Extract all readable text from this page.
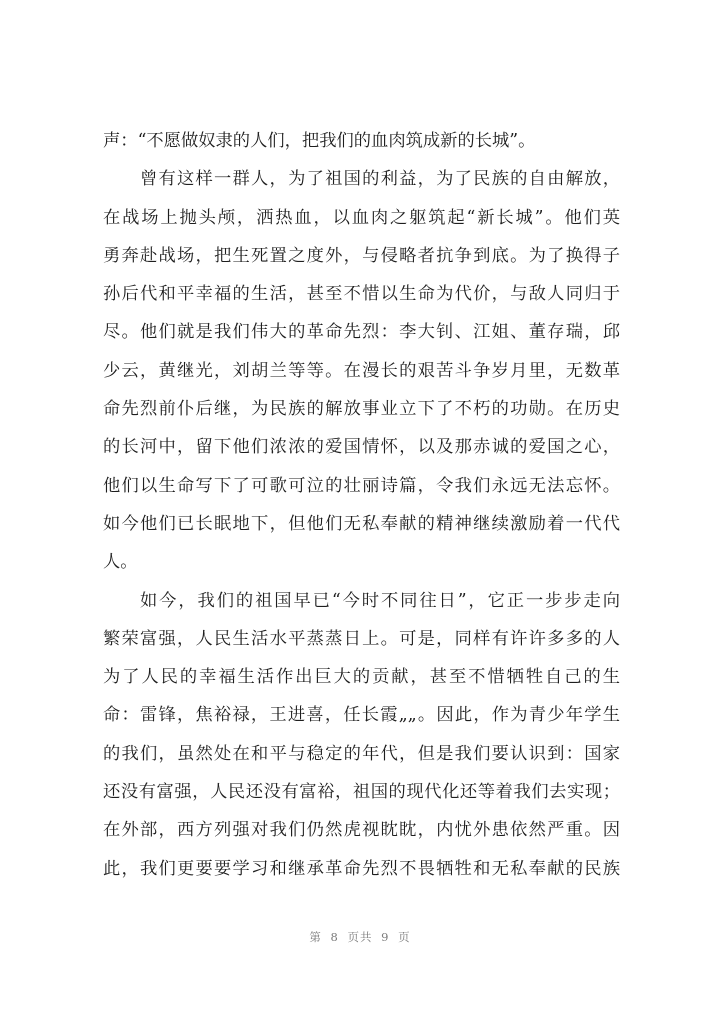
声：“不愿做奴隶的人们，把我们的血肉筑成新的长城”。
曾有这样一群人，为了祖国的利益，为了民族的自由解放，
在战场上抛头颅，洒热血，以血肉之躯筑起“新长城”。他们英
勇奔赴战场，把生死置之度外，与侵略者抗争到底。为了换得子
孙后代和平幸福的生活，甚至不惜以生命为代价，与敌人同归于
尽。他们就是我们伟大的革命先烈：李大钊、江姐、董存瑞，邱
少云，黄继光，刘胡兰等等。在漫长的艰苦斗争岁月里，无数革
命先烈前仆后继，为民族的解放事业立下了不朽的功勋。在历史
的长河中，留下他们浓浓的爱国情怀，以及那赤诚的爱国之心，
他们以生命写下了可歌可泣的壮丽诗篇，令我们永远无法忘怀。
如今他们已长眠地下，但他们无私奉献的精神继续激励着一代代
人。
如今，我们的祖国早已“今时不同往日”，它正一步步走向
繁荣富强，人民生活水平蒸蒸日上。可是，同样有许许多多的人
为了人民的幸福生活作出巨大的贡献，甚至不惜牺牲自己的生
命：雷锋，焦裕禄，王进喜，任长霞„„。因此，作为青少年学生
的我们，虽然处在和平与稳定的年代，但是我们要认识到：国家
还没有富强，人民还没有富裕，祖国的现代化还等着我们去实现；
在外部，西方列强对我们仍然虎视眈眈，内忧外患依然严重。因
此，我们更要要学习和继承革命先烈不畏牺牲和无私奉献的民族
第 8 页共 9 页
